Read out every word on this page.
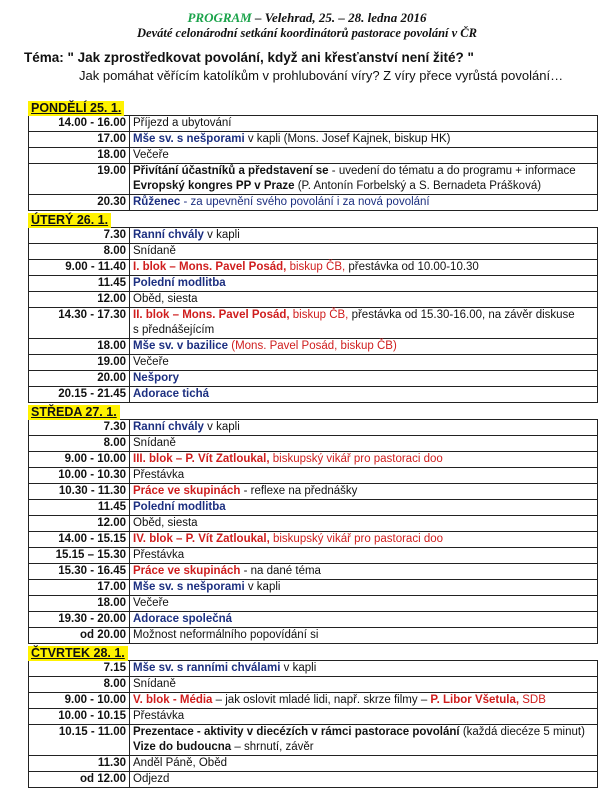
PROGRAM – Velehrad, 25. – 28. ledna 2016
Deváté celonárodní setkání koordinátorů pastorace povolání v ČR
Téma: " Jak zprostředkovat povolání, když ani křesťanství není žité? "
Jak pomáhat věřícím katolíkům v prohlubování víry? Z víry přece vyrůstá povolání…
PONDĚLÍ 25. 1.
14.00 - 16.00	Příjezd a ubytování
17.00	Mše sv. s nešporami v kapli (Mons. Josef Kajnek, biskup HK)
18.00	Večeře
19.00	Přivítání účastníků a představení se - uvedení do tématu a do programu + informace
Evropský kongres PP v Praze (P. Antonín Forbelský a S. Bernadeta Prášková)

20.30	Růženec - za upevnění svého povolání i za nová povolání
ÚTERÝ 26. 1.
7.30	Ranní chvály v kapli
8.00	Snídaně
9.00 - 11.40	I. blok – Mons. Pavel Posád, biskup ČB, přestávka od 10.00-10.30
11.45	Polední modlitba
12.00	Oběd, siesta
14.30 - 17.30	II. blok – Mons. Pavel Posád, biskup ČB, přestávka od 15.30-16.00, na závěr diskuse
s přednášejícím

18.00	Mše sv. v bazilice (Mons. Pavel Posád, biskup ČB)
19.00	Večeře
20.00	Nešpory
20.15 - 21.45	Adorace tichá
STŘEDA 27. 1.
7.30	Ranní chvály v kapli
8.00	Snídaně
9.00 - 10.00	III. blok – P. Vít Zatloukal, biskupský vikář pro pastoraci doo
10.00 - 10.30	Přestávka
10.30 - 11.30	Práce ve skupinách - reflexe na přednášky
11.45	Polední modlitba
12.00	Oběd, siesta
14.00 - 15.15	IV. blok – P. Vít Zatloukal, biskupský vikář pro pastoraci doo
15.15 – 15.30	Přestávka
15.30 - 16.45	Práce ve skupinách - na dané téma
17.00	Mše sv. s nešporami v kapli
18.00	Večeře
19.30 - 20.00	Adorace společná
od 20.00	Možnost neformálního popovídání si
ČTVRTEK 28. 1.
7.15	Mše sv. s ranními chválami v kapli
8.00	Snídaně
9.00 - 10.00	V. blok - Média – jak oslovit mladé lidi, např. skrze filmy – P. Libor Všetula, SDB
10.00 - 10.15	Přestávka
10.15 - 11.00	Prezentace - aktivity v diecézích v rámci pastorace povolání (každá diecéze 5 minut)
Vize do budoucna – shrnutí, závěr

11.30	Anděl Páně, Oběd
od 12.00	Odjezd
